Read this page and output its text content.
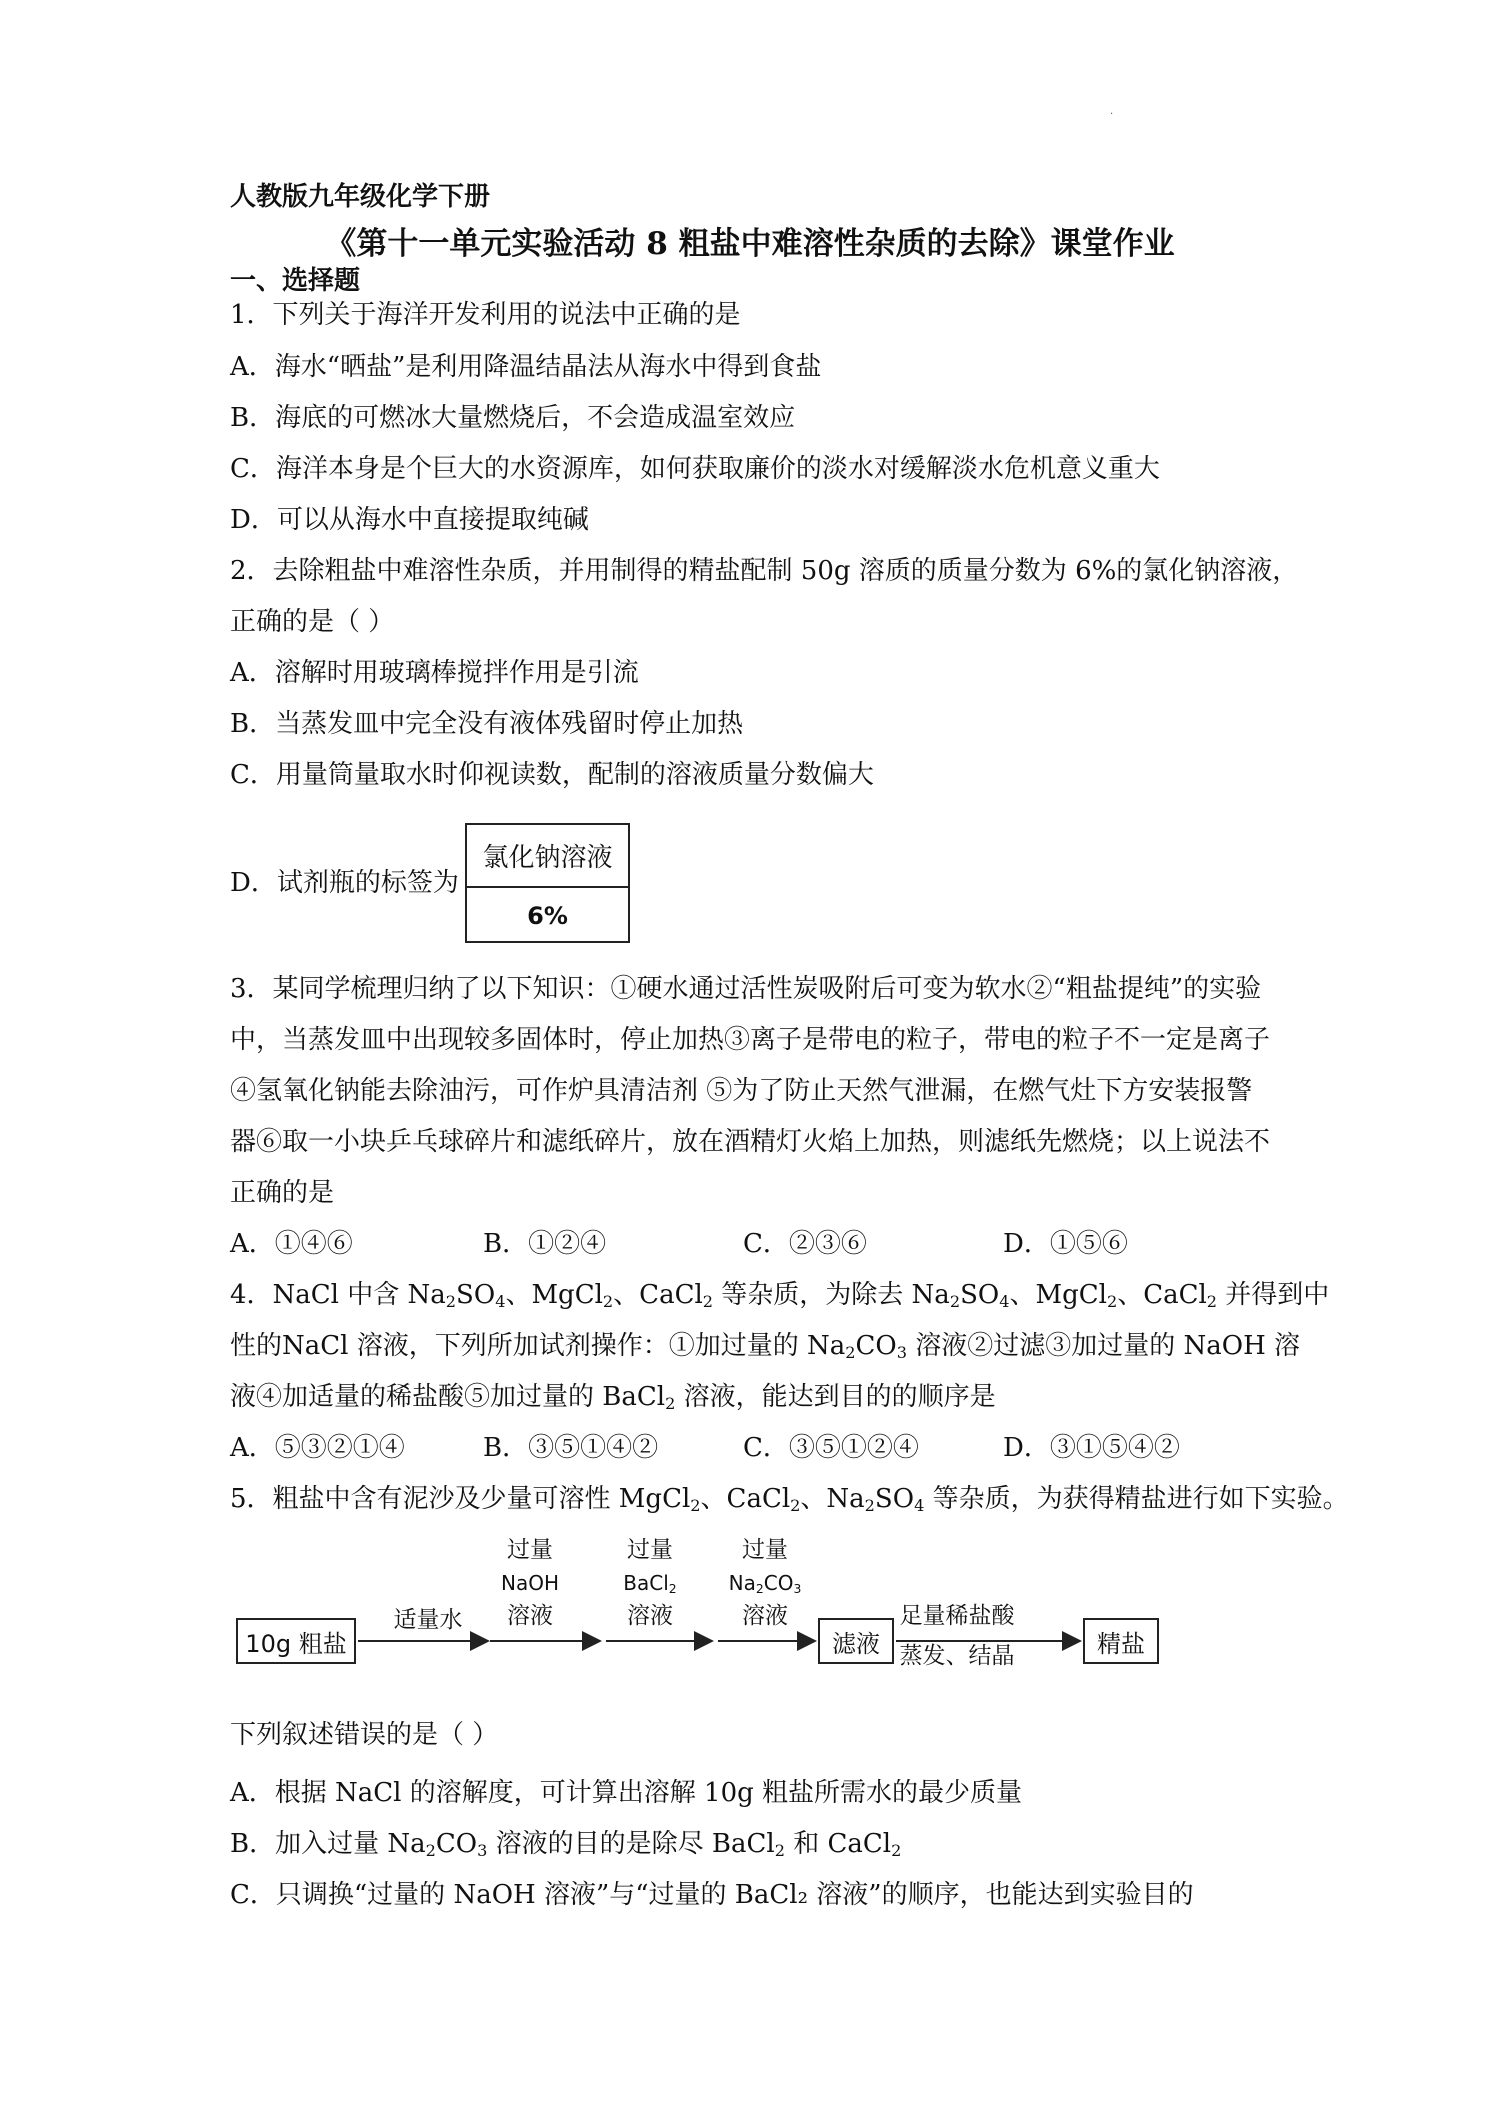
.
人教版九年级化学下册
《第十一单元实验活动 8 粗盐中难溶性杂质的去除》课堂作业
一、选择题
1．下列关于海洋开发利用的说法中正确的是
A．海水“晒盐”是利用降温结晶法从海水中得到食盐
B．海底的可燃冰大量燃烧后，不会造成温室效应
C．海洋本身是个巨大的水资源库，如何获取廉价的淡水对缓解淡水危机意义重大
D．可以从海水中直接提取纯碱
2．去除粗盐中难溶性杂质，并用制得的精盐配制 50g 溶质的质量分数为 6%的氯化钠溶液，
正确的是（ ）
A．溶解时用玻璃棒搅拌作用是引流
B．当蒸发皿中完全没有液体残留时停止加热
C．用量筒量取水时仰视读数，配制的溶液质量分数偏大
D．试剂瓶的标签为
氯化钠溶液
6%
3．某同学梳理归纳了以下知识：①硬水通过活性炭吸附后可变为软水②“粗盐提纯”的实验
中，当蒸发皿中出现较多固体时，停止加热③离子是带电的粒子，带电的粒子不一定是离子
④氢氧化钠能去除油污，可作炉具清洁剂 ⑤为了防止天然气泄漏，在燃气灶下方安装报警
器⑥取一小块乒乓球碎片和滤纸碎片，放在酒精灯火焰上加热，则滤纸先燃烧；以上说法不
正确的是
A．①④⑥	B．①②④	C．②③⑥	D．①⑤⑥
4．NaCl 中含 $Na_2SO_4$、MgCl$_2$、CaCl$_2$ 等杂质，为除去 $Na_2SO_4$、MgCl$_2$、CaCl$_2$ 并得到中
性的NaCl 溶液，下列所加试剂操作：①加过量的 $Na_2CO_3$ 溶液②过滤③加过量的 NaOH 溶
液④加适量的稀盐酸⑤加过量的 BaCl$_2$ 溶液，能达到目的的顺序是
A．⑤③②①④	B．③⑤①④②	C．③⑤①②④	D．③①⑤④②
5．粗盐中含有泥沙及少量可溶性 MgCl$_2$、CaCl$_2$、$Na_2SO_4$ 等杂质，为获得精盐进行如下实验。
10g 粗盐
适量水
过量
NaOH
溶液
过量
BaCl$_2$
溶液
过量
$Na_2CO_3$
溶液
滤液
足量稀盐酸
蒸发、结晶	精盐
下列叙述错误的是（ ）
A．根据 NaCl 的溶解度，可计算出溶解 10g 粗盐所需水的最少质量
B．加入过量 $Na_2CO_3$ 溶液的目的是除尽 BaCl$_2$ 和 CaCl$_2$
C．只调换“过量的 NaOH 溶液”与“过量的 BaCl₂ 溶液”的顺序，也能达到实验目的
